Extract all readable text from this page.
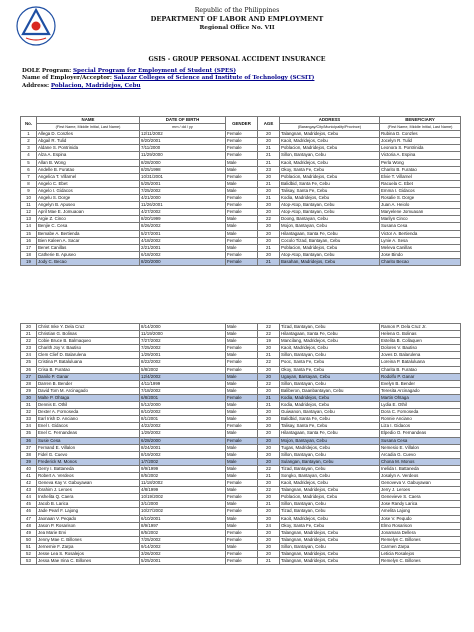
Republic of the Philippines
DEPARTMENT OF LABOR AND EMPLOYMENT
Regional Office No. VII
GSIS - GROUP PERSONAL ACCIDENT INSURANCE
DOLE Program: Special Program for Employment of Student (SPES)
Name of Employer/Acceptor: Salazar Colleges of Science and Institute of Technology (SCSIT)
Address: Poblacion, Madridejos, Cebu
No.	NAME	DATE OF BIRTH	GENDER	AGE	ADDRESS	BENEFICIARY
	(First Name, Middle Initial, Last Name)	mm / dd / yy			(Barangay/City/Municipality/Province)	(First Name, Middle Initial, Last Name)
1	Allega D. Conzles	12/11/2002	Female	20	Talangnan, Madridejos, Cebu	Rubina D. Conzles
2	Abgail R. Tulid	9/20/2001	Female	20	Kaoit, Madridejos, Cebu	Jocelyn R. Tulid
3	Aldane S. Pontrinida	7/11/2000	Female	21	Poblacion, Madridejos, Cebu	Leonora S. Pontrinida
4	Alza A. Espina	11/29/2000	Female	21	Sillon, Bantayan, Cebu	Victoria A. Espina
5	Allan B. Wong	8/28/2000	Male	21	Kaoit, Madridejos, Cebu	Perla Wong
6	Andelle B. Furatao	8/25/1998	Male	23	Okoy, Santa Fe, Cebu	Charito B. Furatao
7	Angelica T. Villarnel	10/31/2001	Female	20	Poblacion, Madridejos, Cebu	Elvie T. Villarnel
8	Angelo C. Ebet	5/25/2001	Male	21	Balidbid, Santa Fe, Cebu	Racuela C. Ebet
9	Angelo I. Gidacos	7/25/2002	Male	20	Talisay, Santa Fe, Cebu	Emma I. Gidacos
10	Angelu S. Dorge	4/21/2000	Female	21	Kodia, Madridejos, Cebu	Rosalie S. Dorge
11	Angelyn B. Apuseo	11/26/2001	Female	20	Atop-Atop, Bantayan, Cebu	Juan A. Heiolo
12	April Mae E. Jomuaoan	4/27/2002	Female	20	Atop-Atop, Bantayan, Cebu	Maryelene Jomuaoan
13	Argie Z. Cinco	8/20/1999	Male	22	Doong, Bantayan, Cebu	Marilyn Cinco
14	Benjie C. Cesa	8/26/2002	Male	20	Mojon, Bantayan, Cebu	Susana Cesa
15	Bemabe A. Bertienda	5/27/2001	Male	20	Hilantagaan, Santa Fe, Cebu	Victor A. Bertienda
16	Bien Kaleen A. Sacar	4/18/2002	Female	20	Cocolo Tizad, Bantayan, Cebu	Lynie A. Sesa
17	Benet Canillas	2/21/2001	Male	21	Poblacion, Madridejos, Cebu	Meleva Canillas
18	Catherie B. Apuseo	6/18/2002	Female	20	Atop-Atop, Bantayan, Cebu	Jose Bindo
19	Jody C. Becao	8/20/2000	Female	21	Basahan, Madridejos, Cebu	Charito Becao
20	Christ Inke Y. Dela Cruz	8/14/2000	Male	22	Tizad, Bantayan, Cebu	Ramon P. Dela Cruz Jr.
21	Christian G. Bolinas	11/19/2000	Male	22	Hilantagaan, Santa Fe, Cebu	Helena G. Bolinas
22	Cobie Bruce B. Balmaqueo	7/27/2002	Male	19	Mancilang, Madridejos, Cebu	Estelita B. Collaquen
23	Charith Joy V. Bautiso	7/25/2002	Female	20	Kaoit, Madridejos, Cebu	Dolores V. Bautiso
24	Clem Clief D. Balarulena	1/29/2001	Male	21	Sillon, Bantayan, Cebu	Joves D. Balarulena
25	Cristina P. Bataluluana	8/22/2002	Female	22	Pooc, Santa Fe, Cebu	Loreina P. Bataluluana
26	Crisa B. Furatao	5/8/2002	Female	20	Okoy, Santa Fe, Cebu	Charita B. Furatao
27	Danilo P. Ganar	12/4/2002	Male	20	Ugayan, Bantayan, Cebu	Rodolfo P. Ganar
28	Darren B. Bender	4/11/1999	Male	22	Sillon, Bantayan, Cebu	Evelyn B. Bender
29	David Tom M. Arcinagado	7/18/2002	Male	20	Baliberon, Daanbantayan, Cebu	Teresita Arcinagado
30	Malte P. Ohtaga	6/8/2001	Female	21	Kodia, Madridejos, Cebu	Martin Ohtaga
31	Dennis E. Othil	5/12/2000	Male	21	Kodia, Madridejos, Cebu	Lydia E. Othil
32	Dexter A. Fornoseda	8/10/2002	Male	20	Guiwanon, Bantayan, Cebu	Dora C. Fornoseda
33	Earl Irish D. Anciano	8/1/2001	Male	20	Balidbid, Santa Fe, Cebu	Ronnie Anciano
34	Enel I. Gidacos	4/22/2002	Female	20	Talisay, Santa Fe, Cebu	Liza I. Gidacos
35	Enel C. Fernandeas	1/29/2002	Male	20	Hilantagaan, Santa Fe, Cebu	Elpedio O. Fernandeas
36	Susie Cesa	6/28/2000	Female	20	Mojon, Bantayan, Cebu	Susana Cesa
37	Fernand E. Villalon	8/24/2001	Male	20	Tugas, Madridejos, Cebu	Nemesio E. Villalon
38	Fidel G. Cuevo	8/19/2002	Male	20	Sillon, Bantayan, Cebu	Arcadia G. Cuevo
39	Frederick M. Monos	1/7/2002	Male	20	Sulangan, Bantayan, Cebu	Chona M. Monos
40	Gerry I. Battaneda	9/9/1999	Male	22	Tizad, Bantayan, Cebu	Inelida I. Battaneda
41	Robert A. Verdeos	8/5/2002	Male	21	Songko, Bantayan, Cebu	Josalyn A. Verdeos
42	Geneva Kay V. Gabuyawan	11/18/2002	Female	20	Kaoit, Madridejos, Cebu	Genoveva V. Gabuyawan
43	Ibrahim J. Leroes	4/8/1999	Male	22	Talangnan, Madridejos, Cebu	Jerry J. Leroes
44	Inshelita Q. Caera	10/19/2002	Female	20	Poblacion, Madridejos, Cebu	Genevieve S. Caera
45	Jacob B. Larica	3/1/2000	Male	21	Sillon, Bantayan, Cebu	Jose Randy Larica
46	Jade Pearl F. Lajong	10/27/2002	Female	20	Tizad, Bantayan, Cebu	Amelita Lajong
47	Jaonaan V. Peqado	6/10/2001	Male	20	Kaoit, Madridejos, Cebu	Jose V. Pequdo
48	Jason P. Rosarison	8/9/1997	Male	24	Okoy, Santa Fe, Cebu	Elmo Rosarison
49	Jea Marie Ervi	8/5/2002	Female	20	Talangnan, Madridejos, Cebu	Jonamara Dellera
50	Jenny Mae C. Billones	7/25/2002	Female	20	Talangnan, Madridejos, Cebu	Remelyn C. Billones
51	Jernemie F. Zarpa	9/14/2002	Male	20	Sillon, Bantayan, Cebu	Carmen Zarpa
52	Jesse Lea S. Rosalejos	3/26/2002	Female	20	Talangnan, Madridejos, Cebu	Leticia Rosalejos
53	Jessa Mae Irina C. Billones	5/25/2001	Female	21	Talangnan, Madridejos, Cebu	Remelyn C. Billones
